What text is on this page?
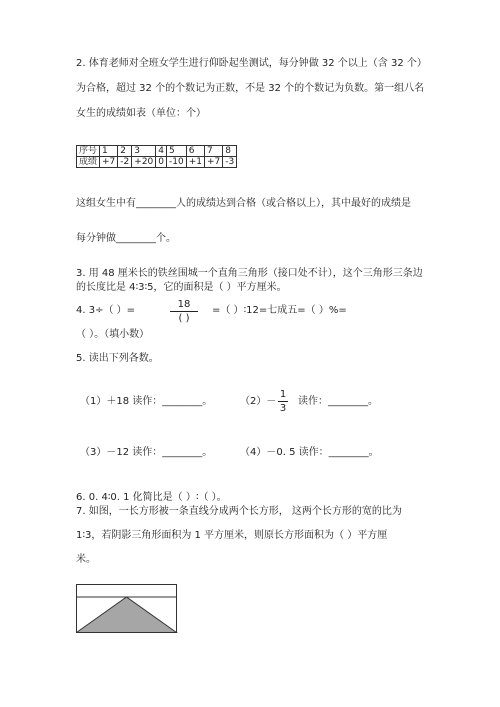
2. 体育老师对全班女学生进行仰卧起坐测试，每分钟做 32 个以上（含 32 个）
为合格，超过 32 个的个数记为正数，不是 32 个的个数记为负数。第一组八名
女生的成绩如表（单位：个）
序号	1	2	3	4	5	6	7	8
成绩	+7	-2	+20	0	-10	+1	+7	-3
这组女生中有________人的成绩达到合格（或合格以上），其中最好的成绩是
每分钟做________个。
3. 用 48 厘米长的铁丝围城一个直角三角形（接口处不计），这个三角形三条边
的长度比是 4∶3∶5，它的面积是（ ）平方厘米。
4. 3÷（ ）=
18
( )
=（ ）∶12=七成五=（ ）%=
（ ）。（填小数）
5. 读出下列各数。
（1）＋18 读作：________。	（2）－
1
3
读作：________。
（3）－12 读作：________。	（4）－0. 5 读作：________。
6. 0. 4∶0. 1 化简比是（ ）∶（ ）。
7. 如图，一长方形被一条直线分成两个长方形， 这两个长方形的宽的比为
1∶3，若阴影三角形面积为 1 平方厘米，则原长方形面积为（ ）平方厘
米。
